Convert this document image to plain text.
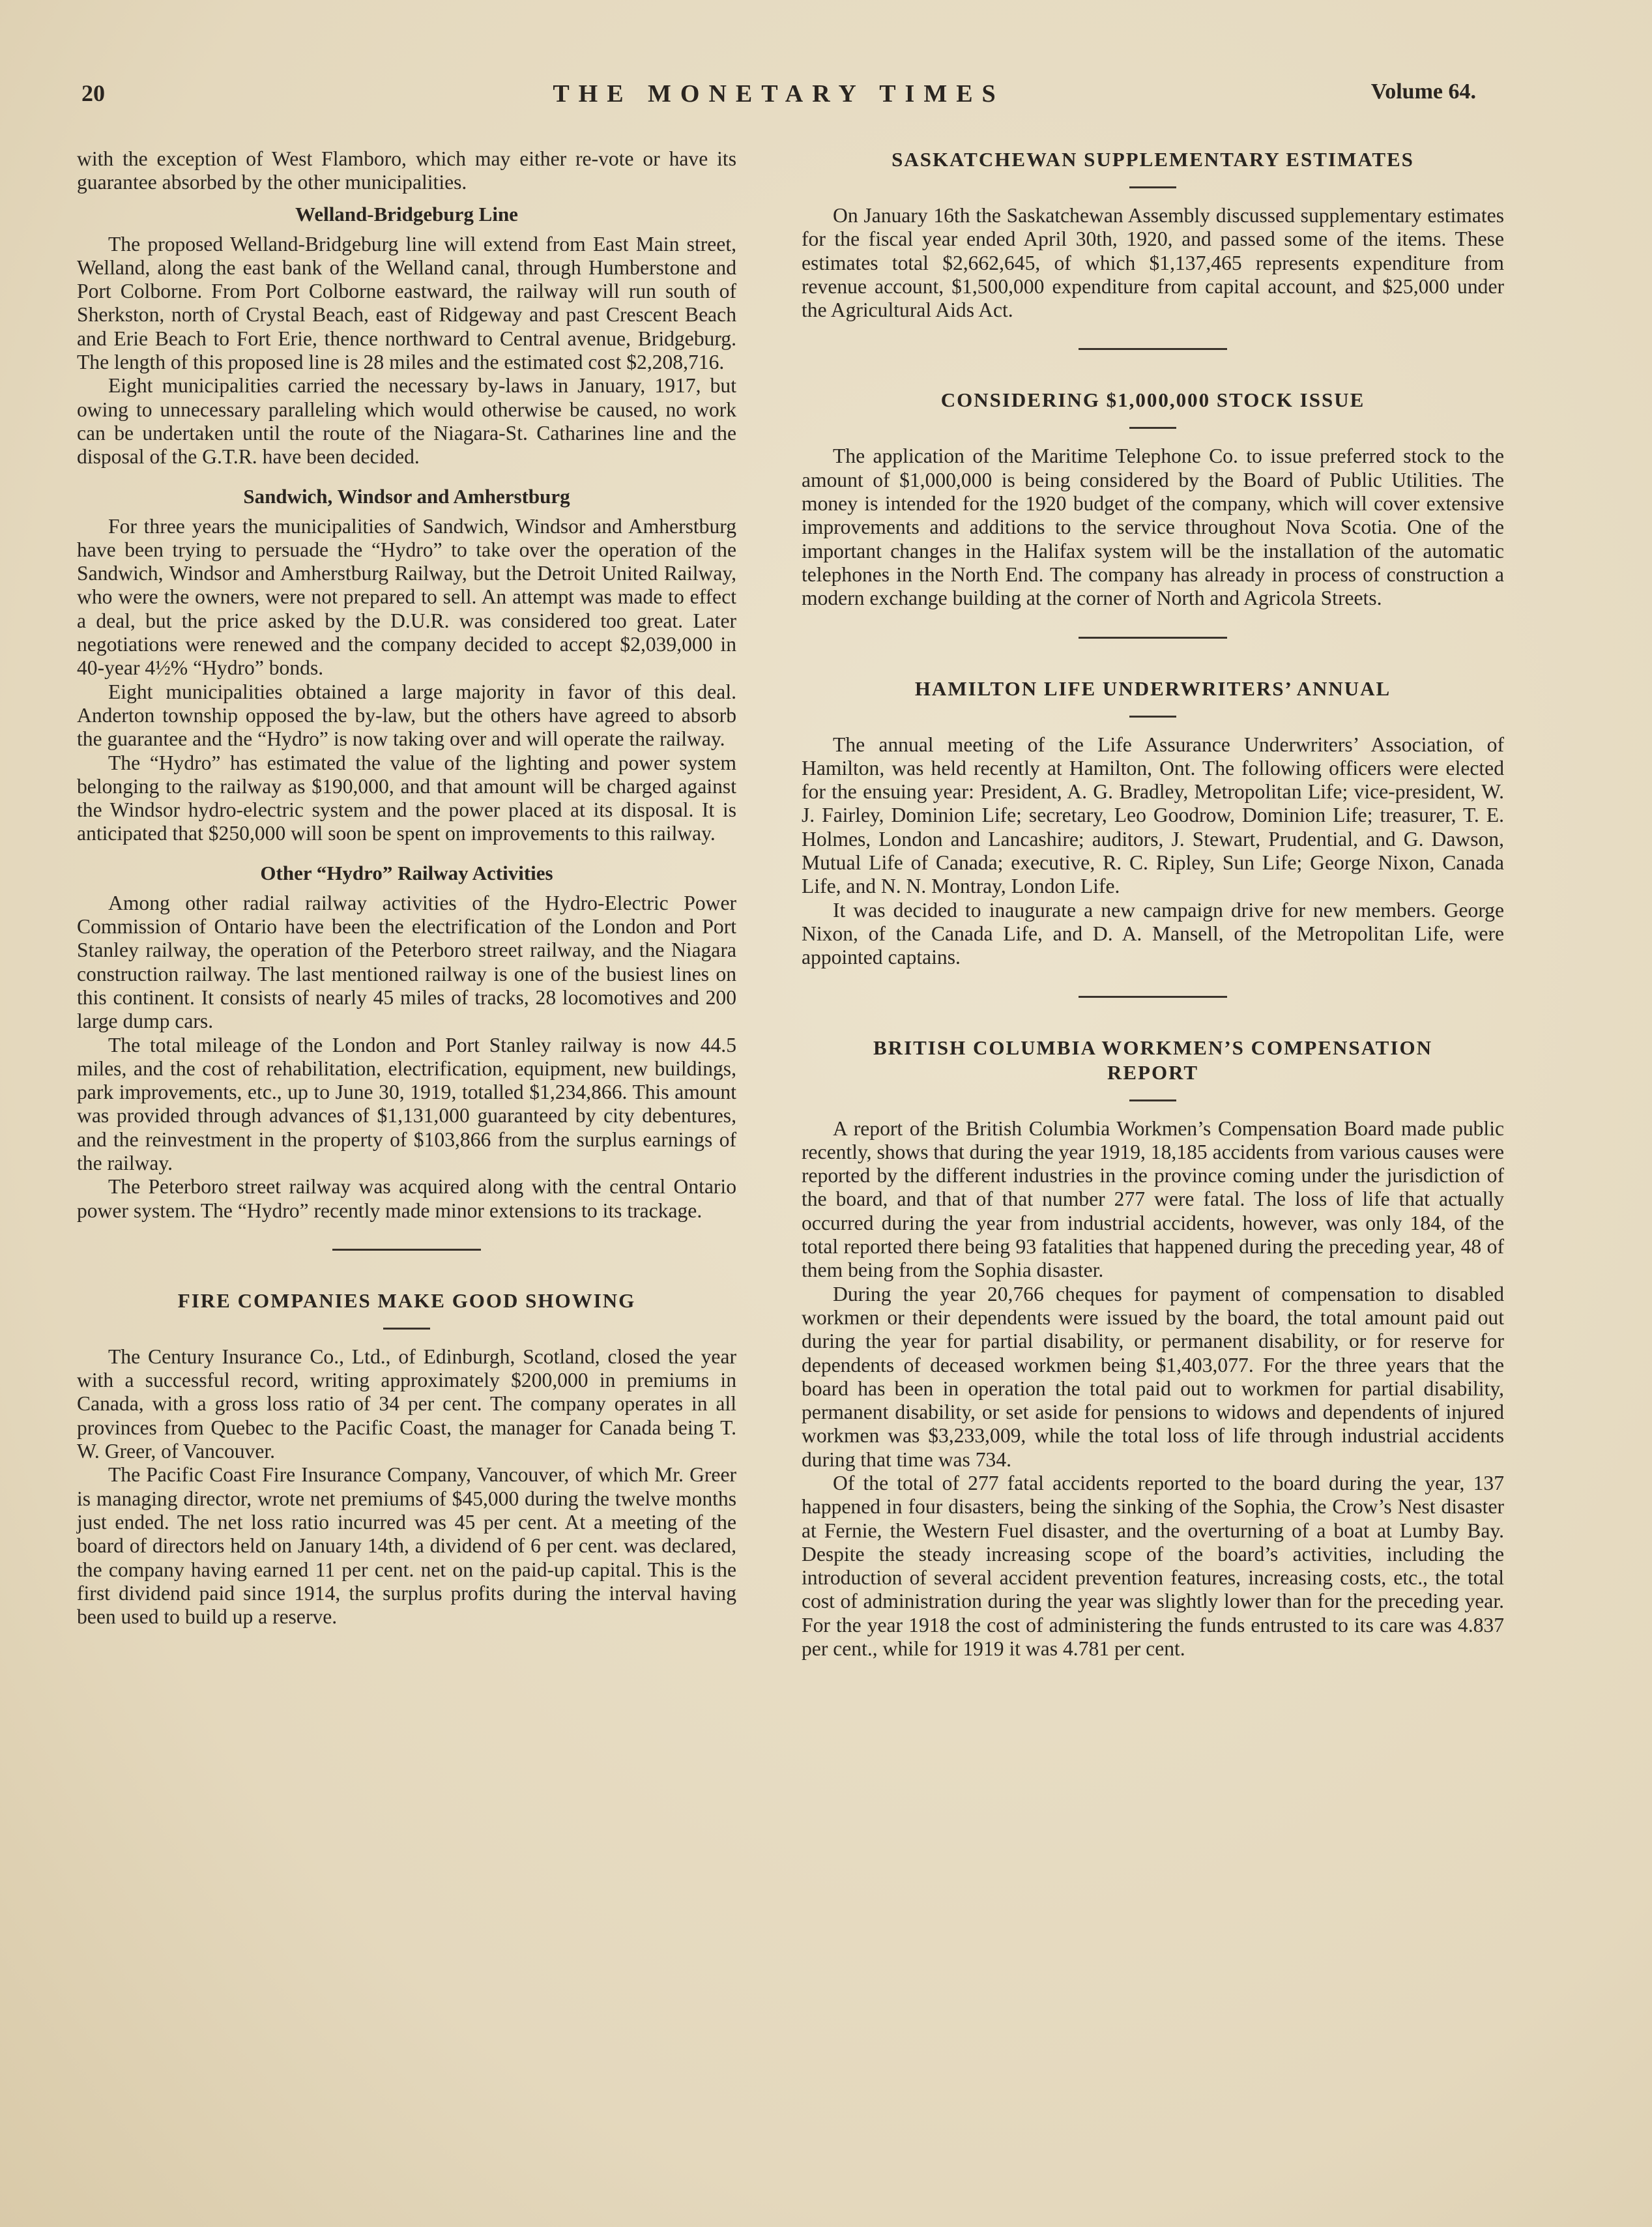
20	THE MONETARY TIMES	Volume 64.

with the exception of West Flamboro, which may either re-vote or have its guarantee absorbed by the other municipalities.

Welland-Bridgeburg Line

The proposed Welland-Bridgeburg line will extend from East Main street, Welland, along the east bank of the Welland canal, through Humberstone and Port Colborne. From Port Colborne eastward, the railway will run south of Sherkston, north of Crystal Beach, east of Ridgeway and past Crescent Beach and Erie Beach to Fort Erie, thence northward to Central avenue, Bridgeburg. The length of this proposed line is 28 miles and the estimated cost $2,208,716.

Eight municipalities carried the necessary by-laws in January, 1917, but owing to unnecessary paralleling which would otherwise be caused, no work can be undertaken until the route of the Niagara-St. Catharines line and the disposal of the G.T.R. have been decided.

Sandwich, Windsor and Amherstburg

For three years the municipalities of Sandwich, Windsor and Amherstburg have been trying to persuade the “Hydro” to take over the operation of the Sandwich, Windsor and Amherstburg Railway, but the Detroit United Railway, who were the owners, were not prepared to sell. An attempt was made to effect a deal, but the price asked by the D.U.R. was considered too great. Later negotiations were renewed and the company decided to accept $2,039,000 in 40-year 4½% “Hydro” bonds.

Eight municipalities obtained a large majority in favor of this deal. Anderton township opposed the by-law, but the others have agreed to absorb the guarantee and the “Hydro” is now taking over and will operate the railway.

The “Hydro” has estimated the value of the lighting and power system belonging to the railway as $190,000, and that amount will be charged against the Windsor hydro-electric system and the power placed at its disposal. It is anticipated that $250,000 will soon be spent on improvements to this railway.

Other “Hydro” Railway Activities

Among other radial railway activities of the Hydro-Electric Power Commission of Ontario have been the electrification of the London and Port Stanley railway, the operation of the Peterboro street railway, and the Niagara construction railway. The last mentioned railway is one of the busiest lines on this continent. It consists of nearly 45 miles of tracks, 28 locomotives and 200 large dump cars.

The total mileage of the London and Port Stanley railway is now 44.5 miles, and the cost of rehabilitation, electrification, equipment, new buildings, park improvements, etc., up to June 30, 1919, totalled $1,234,866. This amount was provided through advances of $1,131,000 guaranteed by city debentures, and the reinvestment in the property of $103,866 from the surplus earnings of the railway.

The Peterboro street railway was acquired along with the central Ontario power system. The “Hydro” recently made minor extensions to its trackage.

FIRE COMPANIES MAKE GOOD SHOWING

The Century Insurance Co., Ltd., of Edinburgh, Scotland, closed the year with a successful record, writing approximately $200,000 in premiums in Canada, with a gross loss ratio of 34 per cent. The company operates in all provinces from Quebec to the Pacific Coast, the manager for Canada being T. W. Greer, of Vancouver.

The Pacific Coast Fire Insurance Company, Vancouver, of which Mr. Greer is managing director, wrote net premiums of $45,000 during the twelve months just ended. The net loss ratio incurred was 45 per cent. At a meeting of the board of directors held on January 14th, a dividend of 6 per cent. was declared, the company having earned 11 per cent. net on the paid-up capital. This is the first dividend paid since 1914, the surplus profits during the interval having been used to build up a reserve.

SASKATCHEWAN SUPPLEMENTARY ESTIMATES

On January 16th the Saskatchewan Assembly discussed supplementary estimates for the fiscal year ended April 30th, 1920, and passed some of the items. These estimates total $2,662,645, of which $1,137,465 represents expenditure from revenue account, $1,500,000 expenditure from capital account, and $25,000 under the Agricultural Aids Act.

CONSIDERING $1,000,000 STOCK ISSUE

The application of the Maritime Telephone Co. to issue preferred stock to the amount of $1,000,000 is being considered by the Board of Public Utilities. The money is intended for the 1920 budget of the company, which will cover extensive improvements and additions to the service throughout Nova Scotia. One of the important changes in the Halifax system will be the installation of the automatic telephones in the North End. The company has already in process of construction a modern exchange building at the corner of North and Agricola Streets.

HAMILTON LIFE UNDERWRITERS’ ANNUAL

The annual meeting of the Life Assurance Underwriters’ Association, of Hamilton, was held recently at Hamilton, Ont. The following officers were elected for the ensuing year: President, A. G. Bradley, Metropolitan Life; vice-president, W. J. Fairley, Dominion Life; secretary, Leo Goodrow, Dominion Life; treasurer, T. E. Holmes, London and Lancashire; auditors, J. Stewart, Prudential, and G. Dawson, Mutual Life of Canada; executive, R. C. Ripley, Sun Life; George Nixon, Canada Life, and N. N. Montray, London Life.

It was decided to inaugurate a new campaign drive for new members. George Nixon, of the Canada Life, and D. A. Mansell, of the Metropolitan Life, were appointed captains.

BRITISH COLUMBIA WORKMEN’S COMPENSATION
REPORT

A report of the British Columbia Workmen’s Compensation Board made public recently, shows that during the year 1919, 18,185 accidents from various causes were reported by the different industries in the province coming under the jurisdiction of the board, and that of that number 277 were fatal. The loss of life that actually occurred during the year from industrial accidents, however, was only 184, of the total reported there being 93 fatalities that happened during the preceding year, 48 of them being from the Sophia disaster.

During the year 20,766 cheques for payment of compensation to disabled workmen or their dependents were issued by the board, the total amount paid out during the year for partial disability, or permanent disability, or for reserve for dependents of deceased workmen being $1,403,077. For the three years that the board has been in operation the total paid out to workmen for partial disability, permanent disability, or set aside for pensions to widows and dependents of injured workmen was $3,233,009, while the total loss of life through industrial accidents during that time was 734.

Of the total of 277 fatal accidents reported to the board during the year, 137 happened in four disasters, being the sinking of the Sophia, the Crow’s Nest disaster at Fernie, the Western Fuel disaster, and the overturning of a boat at Lumby Bay. Despite the steady increasing scope of the board’s activities, including the introduction of several accident prevention features, increasing costs, etc., the total cost of administration during the year was slightly lower than for the preceding year. For the year 1918 the cost of administering the funds entrusted to its care was 4.837 per cent., while for 1919 it was 4.781 per cent.
